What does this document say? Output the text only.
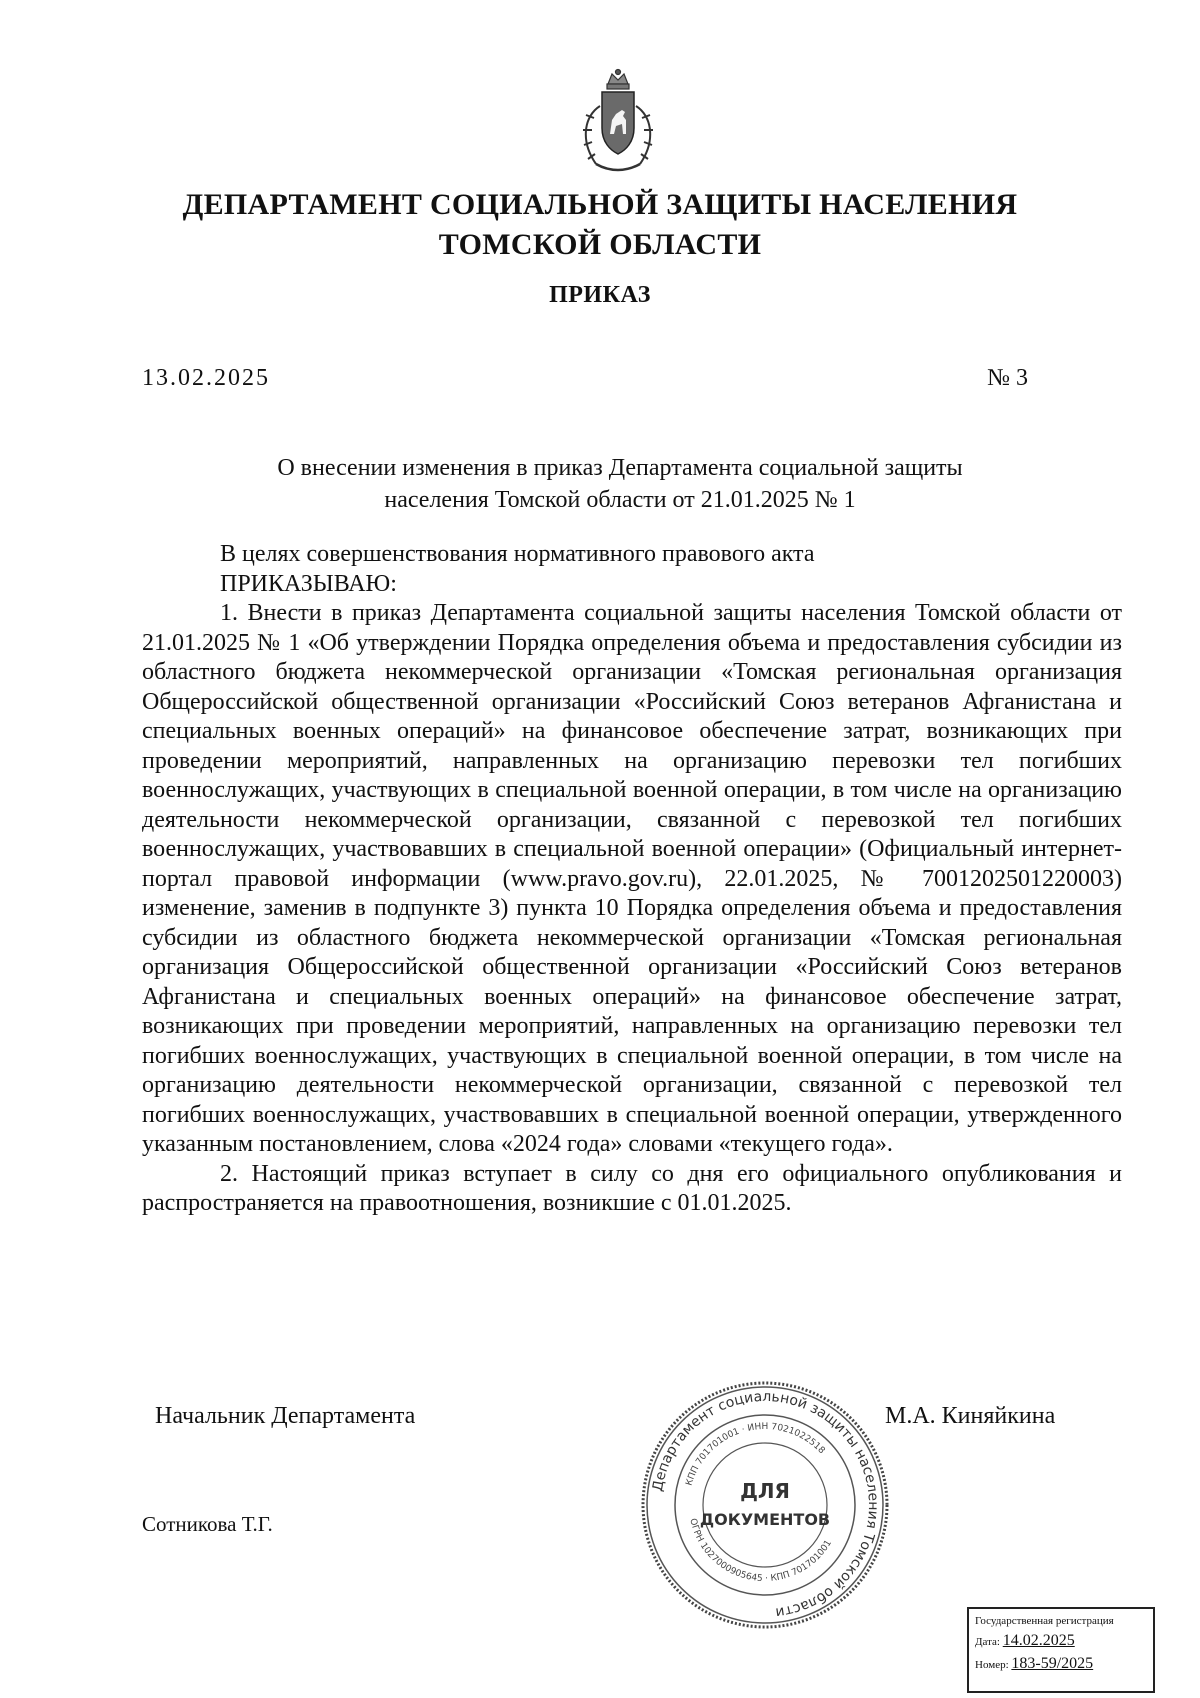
ДЕПАРТАМЕНТ СОЦИАЛЬНОЙ ЗАЩИТЫ НАСЕЛЕНИЯ
ТОМСКОЙ ОБЛАСТИ
ПРИКАЗ
13.02.2025	№ 3
О внесении изменения в приказ Департамента социальной защиты
населения Томской области от 21.01.2025 № 1

В целях совершенствования нормативного правового акта

ПРИКАЗЫВАЮ:

1. Внести в приказ Департамента социальной защиты населения Томской области от 21.01.2025 № 1 «Об утверждении Порядка определения объема и предоставления субсидии из областного бюджета некоммерческой организации «Томская региональная организация Общероссийской общественной организации «Российский Союз ветеранов Афганистана и специальных военных операций» на финансовое обеспечение затрат, возникающих при проведении мероприятий, направленных на организацию перевозки тел погибших военнослужащих, участвующих в специальной военной операции, в том числе на организацию деятельности некоммерческой организации, связанной с перевозкой тел погибших военнослужащих, участвовавших в специальной военной операции» (Официальный интернет-портал правовой информации (www.pravo.gov.ru), 22.01.2025, № 7001202501220003) изменение, заменив в подпункте 3) пункта 10 Порядка определения объема и предоставления субсидии из областного бюджета некоммерческой организации «Томская региональная организация Общероссийской общественной организации «Российский Союз ветеранов Афганистана и специальных военных операций» на финансовое обеспечение затрат, возникающих при проведении мероприятий, направленных на организацию перевозки тел погибших военнослужащих, участвующих в специальной военной операции, в том числе на организацию деятельности некоммерческой организации, связанной с перевозкой тел погибших военнослужащих, участвовавших в специальной военной операции, утвержденного указанным постановлением, слова «2024 года» словами «текущего года».

2. Настоящий приказ вступает в силу со дня его официального опубликования и распространяется на правоотношения, возникшие с 01.01.2025.

Начальник Департамента	М.А. Киняйкина
Сотникова Т.Г.
Департамент социальной защиты населения Томской области
КПП 701701001 · ИНН 7021022518
ОГРН 1027000905645 · КПП 701701001
ДЛЯ
ДОКУМЕНТОВ
Государственная регистрация
Дата: 14.02.2025
Номер: 183-59/2025
